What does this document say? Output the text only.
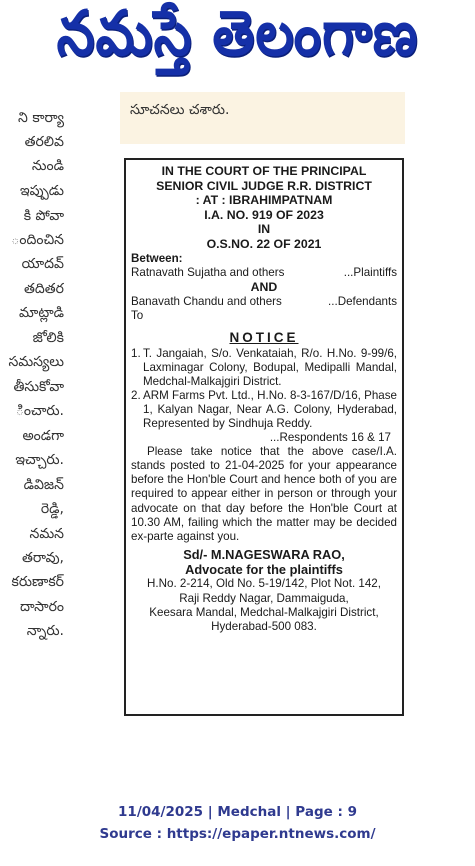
నమస్తే తెలంగాణ
ని కార్యా
తరలివ
నుండి
ఇప్పుడు
కి పోవా
ందించిన
యాదవ్
తదితర
మాట్లాడి
జోలికి
సమస్యలు
తీసుకోవా
ించారు.
అండగా
ఇచ్చారు.
డివిజన్
రెడ్డి,
నమన
తరావు,
కరుణాకర్
దాసారం
న్నారు.
సూచనలు చశారు.
IN THE COURT OF THE PRINCIPAL
SENIOR CIVIL JUDGE R.R. DISTRICT
: AT : IBRAHIMPATNAM
I.A. NO. 919 OF 2023
IN
O.S.NO. 22 OF 2021
Between:
Ratnavath Sujatha and others	...Plaintiffs
AND
Banavath Chandu and others	...Defendants
To
NOTICE
1. T. Jangaiah, S/o. Venkataiah, R/o. H.No. 9-99/6, Laxminagar Colony, Bodupal, Medipalli Mandal, Medchal-Malkajgiri District.
2. ARM Farms Pvt. Ltd., H.No. 8-3-167/D/16, Phase 1, Kalyan Nagar, Near A.G. Colony, Hyderabad, Represented by Sindhuja Reddy.
...Respondents 16 & 17
Please take notice that the above case/I.A. stands posted to 21-04-2025 for your appearance before the Hon'ble Court and hence both of you are required to appear either in person or through your advocate on that day before the Hon'ble Court at 10.30 AM, failing which the matter may be decided ex-parte against you.
Sd/- M.NAGESWARA RAO,
Advocate for the plaintiffs
H.No. 2-214, Old No. 5-19/142, Plot Not. 142,
Raji Reddy Nagar, Dammaiguda,
Keesara Mandal, Medchal-Malkajgiri District,
Hyderabad-500 083.
11/04/2025 | Medchal | Page : 9
Source : https://epaper.ntnews.com/
